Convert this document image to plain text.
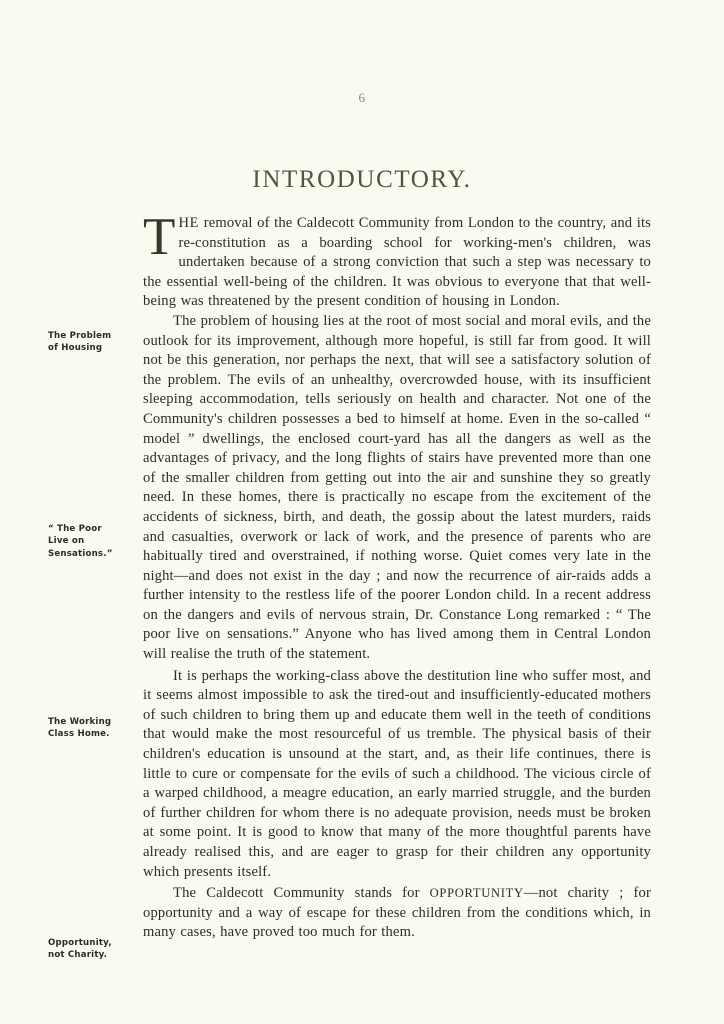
6
INTRODUCTORY.
The Problem
of Housing
“ The Poor
Live on
Sensations.”
The Working
Class Home.
Opportunity,
not Charity.

THE removal of the Caldecott Community from London to the country, and its re-constitution as a boarding school for working-men's children, was undertaken because of a strong conviction that such a step was necessary to the essential well-being of the children. It was obvious to everyone that that well-being was threatened by the present condition of housing in London.

The problem of housing lies at the root of most social and moral evils, and the outlook for its improvement, although more hopeful, is still far from good. It will not be this generation, nor perhaps the next, that will see a satisfactory solution of the problem. The evils of an unhealthy, overcrowded house, with its insufficient sleeping accommodation, tells seriously on health and character. Not one of the Community's children possesses a bed to himself at home. Even in the so-called “ model ” dwellings, the enclosed court-yard has all the dangers as well as the advantages of privacy, and the long flights of stairs have prevented more than one of the smaller children from getting out into the air and sunshine they so greatly need. In these homes, there is practically no escape from the excitement of the accidents of sickness, birth, and death, the gossip about the latest murders, raids and casualties, overwork or lack of work, and the presence of parents who are habitually tired and overstrained, if nothing worse. Quiet comes very late in the night—and does not exist in the day ; and now the recurrence of air-raids adds a further intensity to the restless life of the poorer London child. In a recent address on the dangers and evils of nervous strain, Dr. Constance Long remarked : “ The poor live on sensations.” Anyone who has lived among them in Central London will realise the truth of the statement.

It is perhaps the working-class above the destitution line who suffer most, and it seems almost impossible to ask the tired-out and insufficiently-educated mothers of such children to bring them up and educate them well in the teeth of conditions that would make the most resourceful of us tremble. The physical basis of their children's education is unsound at the start, and, as their life continues, there is little to cure or compensate for the evils of such a childhood. The vicious circle of a warped childhood, a meagre education, an early married struggle, and the burden of further children for whom there is no adequate provision, needs must be broken at some point. It is good to know that many of the more thoughtful parents have already realised this, and are eager to grasp for their children any opportunity which presents itself.

The Caldecott Community stands for OPPORTUNITY—not charity ; for opportunity and a way of escape for these children from the conditions which, in many cases, have proved too much for them.
